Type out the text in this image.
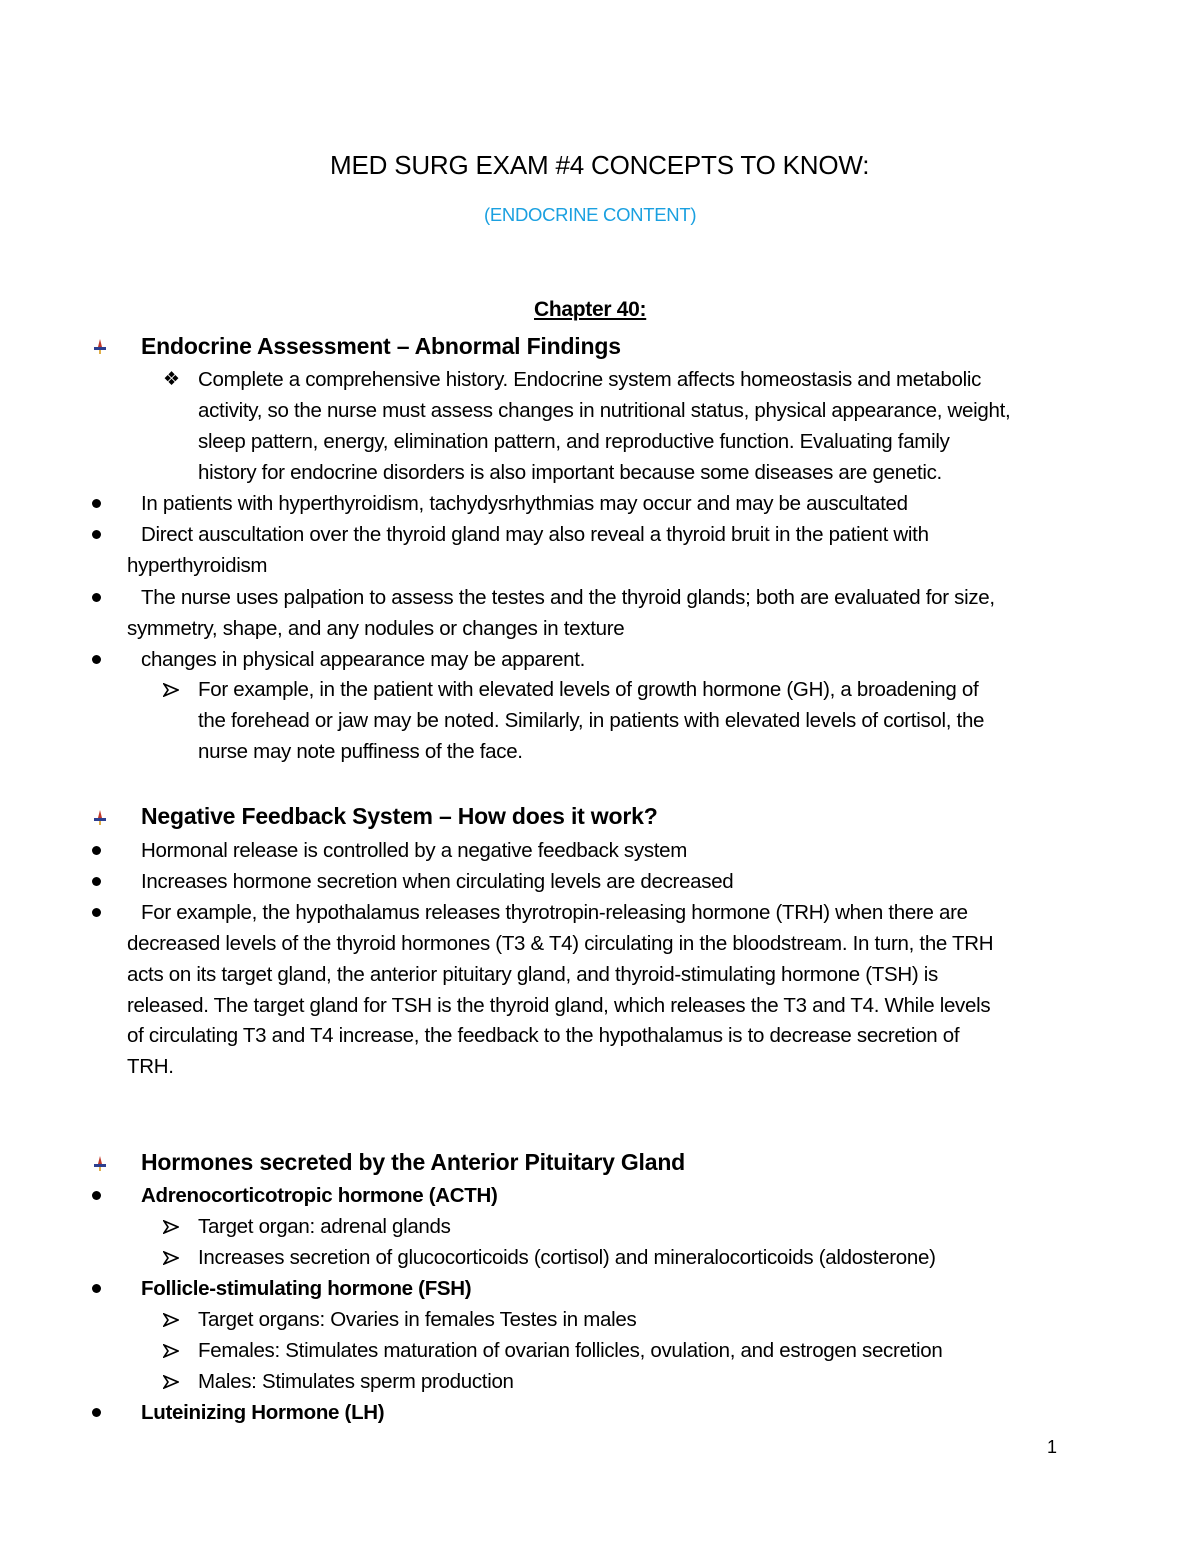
MED SURG EXAM #4 CONCEPTS TO KNOW:
(ENDOCRINE CONTENT)
Chapter 40:
Endocrine Assessment – Abnormal Findings
❖ Complete a comprehensive history. Endocrine system affects homeostasis and metabolic
activity, so the nurse must assess changes in nutritional status, physical appearance, weight,
sleep pattern, energy, elimination pattern, and reproductive function. Evaluating family
history for endocrine disorders is also important because some diseases are genetic.
In patients with hyperthyroidism, tachydysrhythmias may occur and may be auscultated
Direct auscultation over the thyroid gland may also reveal a thyroid bruit in the patient with
hyperthyroidism
The nurse uses palpation to assess the testes and the thyroid glands; both are evaluated for size,
symmetry, shape, and any nodules or changes in texture
changes in physical appearance may be apparent.
For example, in the patient with elevated levels of growth hormone (GH), a broadening of
the forehead or jaw may be noted. Similarly, in patients with elevated levels of cortisol, the
nurse may note puffiness of the face.
Negative Feedback System – How does it work?
Hormonal release is controlled by a negative feedback system
Increases hormone secretion when circulating levels are decreased
For example, the hypothalamus releases thyrotropin-releasing hormone (TRH) when there are
decreased levels of the thyroid hormones (T3 & T4) circulating in the bloodstream. In turn, the TRH
acts on its target gland, the anterior pituitary gland, and thyroid-stimulating hormone (TSH) is
released. The target gland for TSH is the thyroid gland, which releases the T3 and T4. While levels
of circulating T3 and T4 increase, the feedback to the hypothalamus is to decrease secretion of
TRH.
Hormones secreted by the Anterior Pituitary Gland
Adrenocorticotropic hormone (ACTH)
Target organ: adrenal glands
Increases secretion of glucocorticoids (cortisol) and mineralocorticoids (aldosterone)
Follicle-stimulating hormone (FSH)
Target organs: Ovaries in females Testes in males
Females: Stimulates maturation of ovarian follicles, ovulation, and estrogen secretion
Males: Stimulates sperm production
Luteinizing Hormone (LH)
1
